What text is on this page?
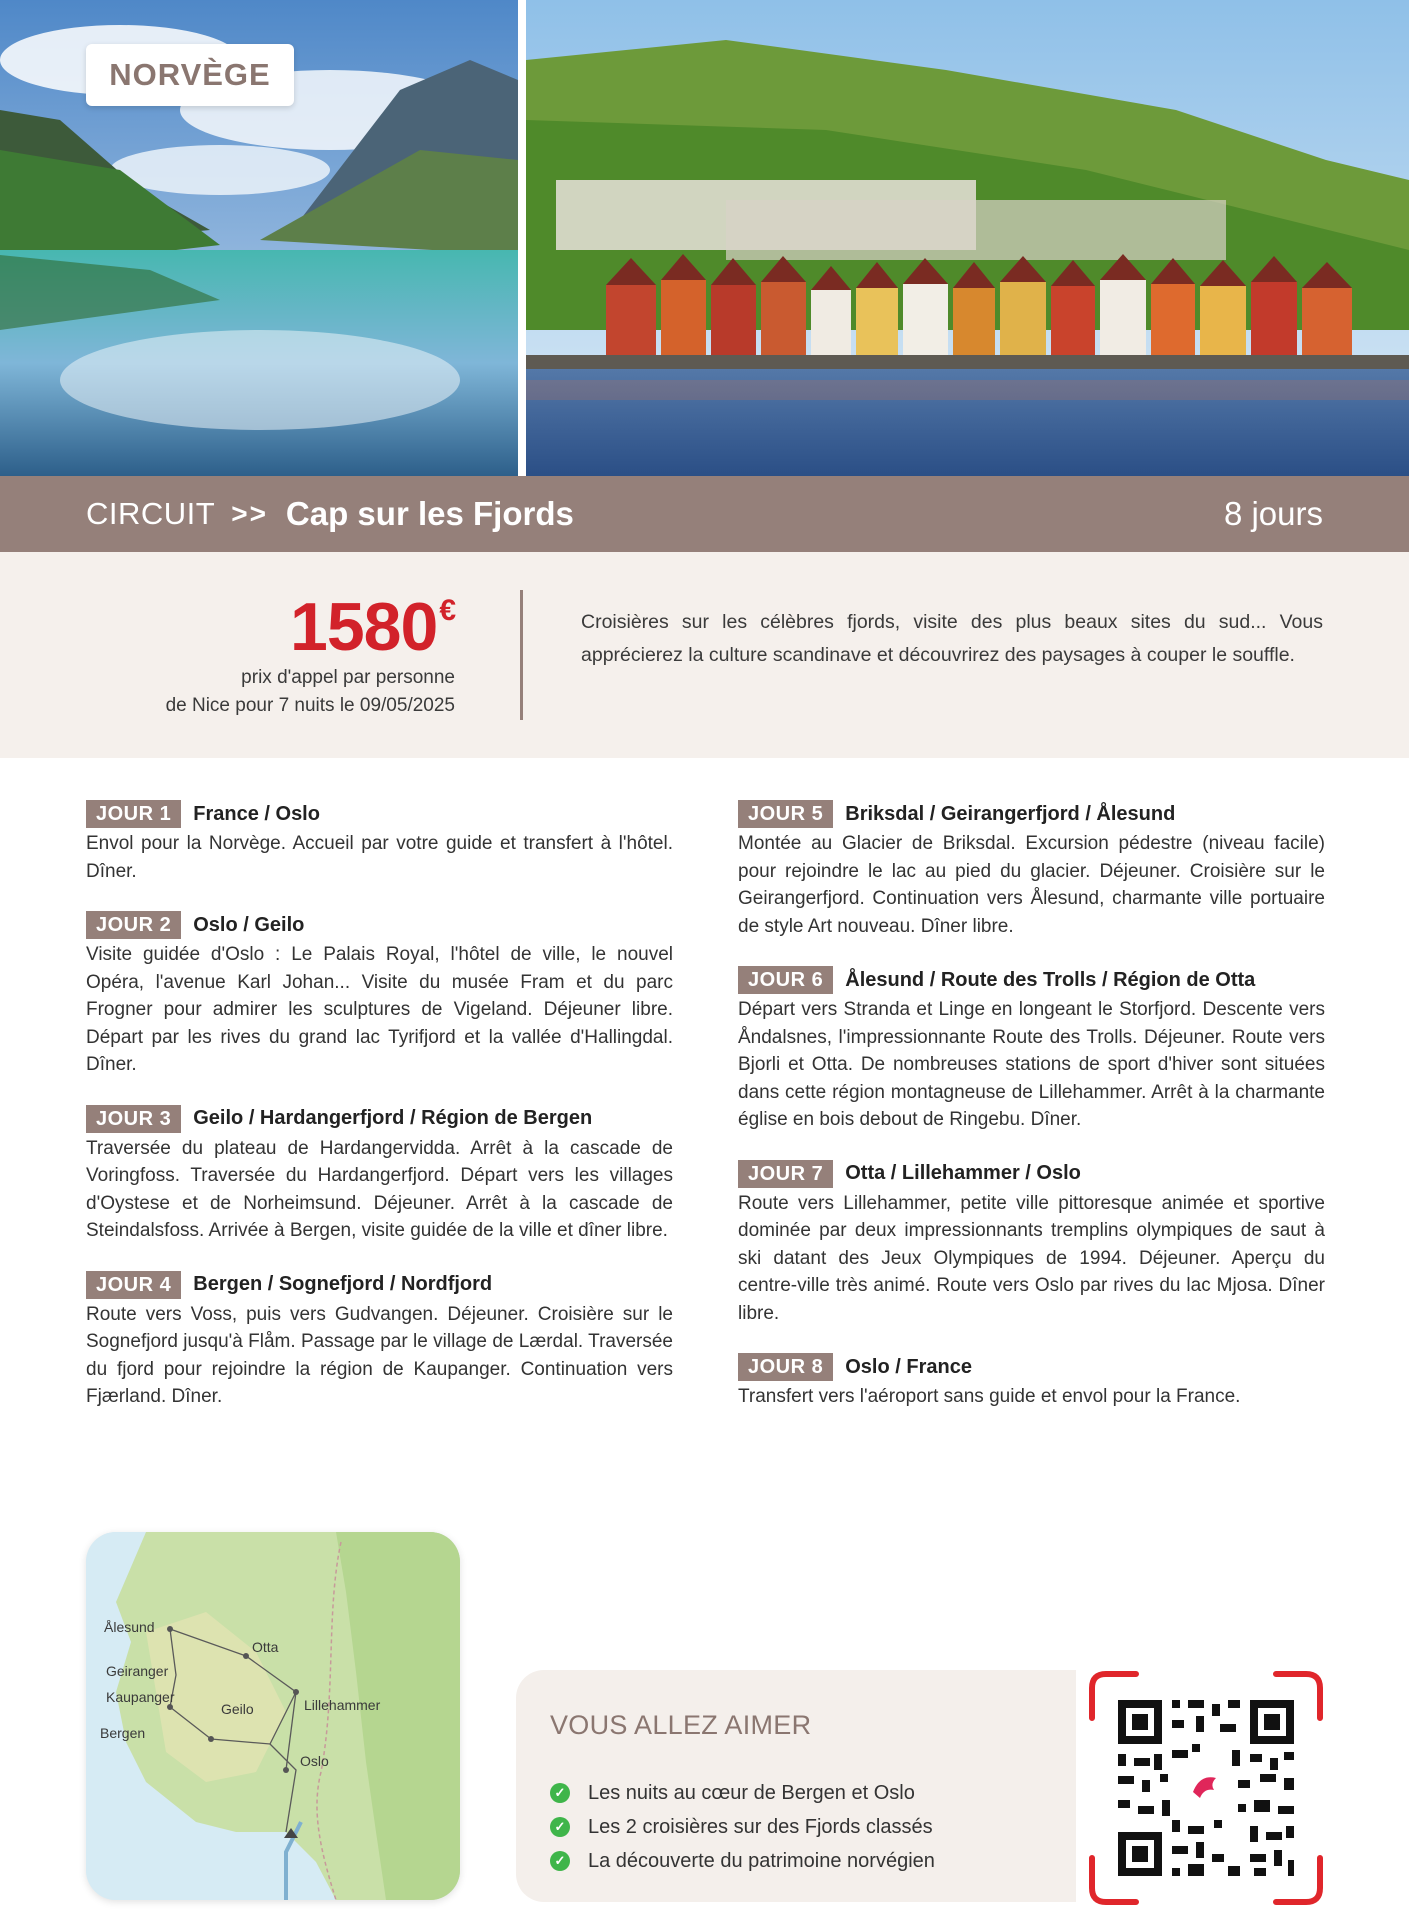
NORVÈGE
CIRCUIT >> Cap sur les Fjords	8 jours
1580€
prix d'appel par personne
de Nice pour 7 nuits le 09/05/2025
Croisières sur les célèbres fjords, visite des plus beaux sites du sud... Vous apprécierez la culture scandinave et découvrirez des paysages à couper le souffle.
JOUR 1	France / Oslo
Envol pour la Norvège. Accueil par votre guide et transfert à l'hôtel. Dîner.
JOUR 2	Oslo / Geilo
Visite guidée d'Oslo : Le Palais Royal, l'hôtel de ville, le nouvel Opéra, l'avenue Karl Johan... Visite du musée Fram et du parc Frogner pour admirer les sculptures de Vigeland. Déjeuner libre. Départ par les rives du grand lac Tyrifjord et la vallée d'Hallingdal. Dîner.
JOUR 3	Geilo / Hardangerfjord / Région de Bergen
Traversée du plateau de Hardangervidda. Arrêt à la cascade de Voringfoss. Traversée du Hardangerfjord. Départ vers les villages d'Oystese et de Norheimsund. Déjeuner. Arrêt à la cascade de Steindalsfoss. Arrivée à Bergen, visite guidée de la ville et dîner libre.
JOUR 4	Bergen / Sognefjord / Nordfjord
Route vers Voss, puis vers Gudvangen. Déjeuner. Croisière sur le Sognefjord jusqu'à Flåm. Passage par le village de Lærdal. Traversée du fjord pour rejoindre la région de Kaupanger. Continuation vers Fjærland. Dîner.
JOUR 5	Briksdal / Geirangerfjord / Ålesund
Montée au Glacier de Briksdal. Excursion pédestre (niveau facile) pour rejoindre le lac au pied du glacier. Déjeuner. Croisière sur le Geirangerfjord. Continuation vers Ålesund, charmante ville portuaire de style Art nouveau. Dîner libre.
JOUR 6	Ålesund / Route des Trolls / Région de Otta
Départ vers Stranda et Linge en longeant le Storfjord. Descente vers Åndalsnes, l'impressionnante Route des Trolls. Déjeuner. Route vers Bjorli et Otta. De nombreuses stations de sport d'hiver sont situées dans cette région montagneuse de Lillehammer. Arrêt à la charmante église en bois debout de Ringebu. Dîner.
JOUR 7	Otta / Lillehammer / Oslo
Route vers Lillehammer, petite ville pittoresque animée et sportive dominée par deux impressionnants tremplins olympiques de saut à ski datant des Jeux Olympiques de 1994. Déjeuner. Aperçu du centre-ville très animé. Route vers Oslo par rives du lac Mjosa. Dîner libre.
JOUR 8	Oslo / France
Transfert vers l'aéroport sans guide et envol pour la France.
Ålesund
Otta
Geiranger
Kaupanger
Geilo	Lillehammer
Bergen
Oslo
VOUS ALLEZ AIMER
✓ Les nuits au cœur de Bergen et Oslo
✓ Les 2 croisières sur des Fjords classés
✓ La découverte du patrimoine norvégien
